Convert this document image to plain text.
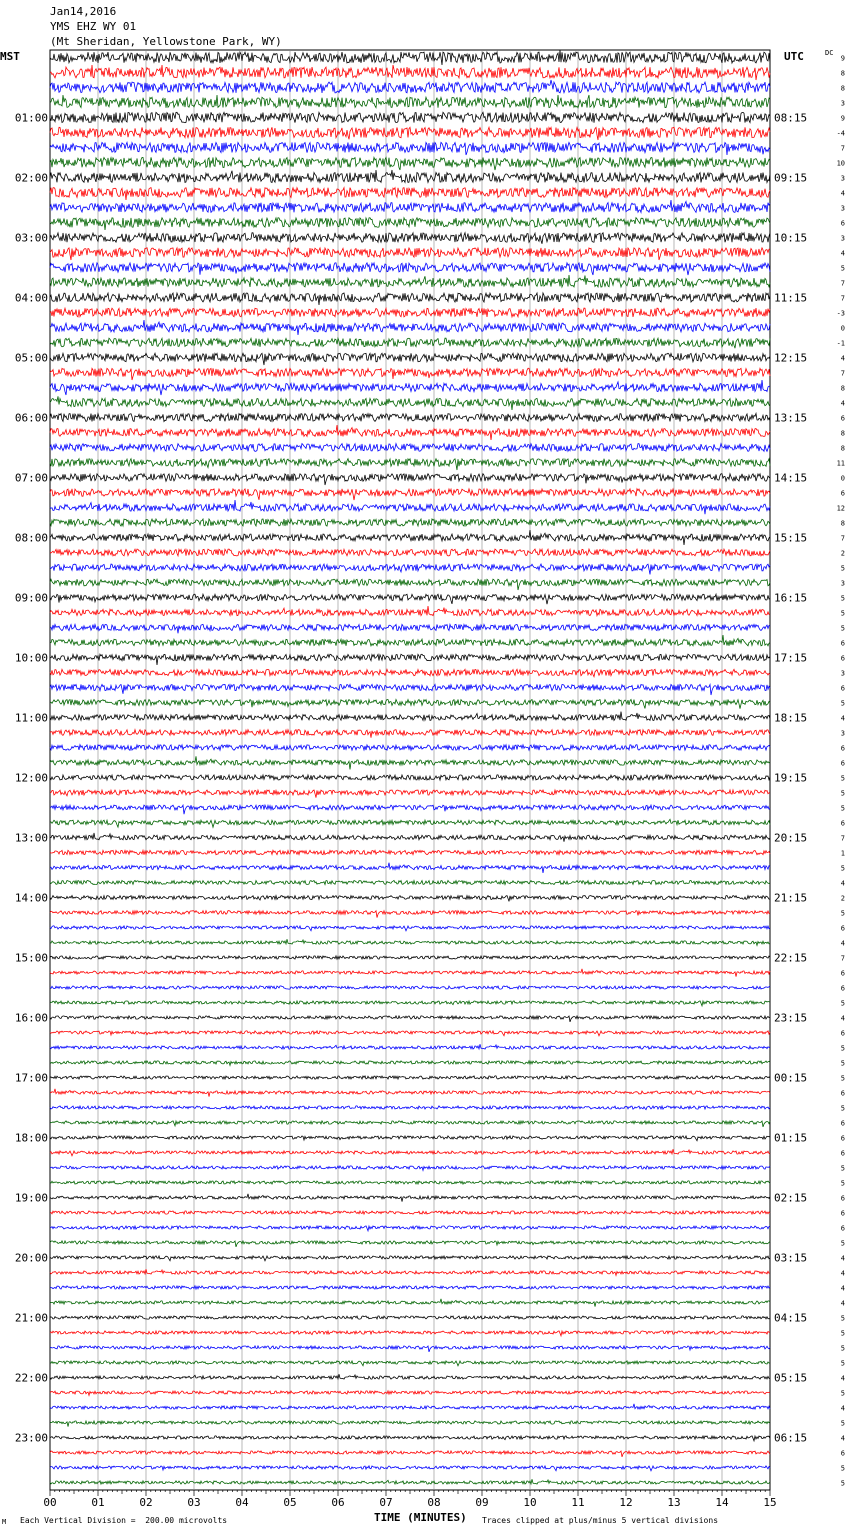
Jan14,2016
YMS EHZ WY 01
(Mt Sheridan, Yellowstone Park, WY)
MST	UTC	DC
01:00
02:00
03:00
04:00
05:00
06:00
07:00
08:00
09:00
10:00
11:00
12:00
13:00
14:00
15:00
16:00
17:00
18:00
19:00
20:00
21:00
22:00
23:00
08:15
09:15
10:15
11:15
12:15
13:15
14:15
15:15
16:15
17:15
18:15
19:15
20:15
21:15
22:15
23:15
00:15
01:15
02:15
03:15
04:15
05:15
06:15
9
8
8
3
9
-4
7
10
3
4
3
6
3
4
5
7
7
-3
0
-1
4
7
8
4
6
8
8
11
0
6
12
8
7
2
5
3
5
5
5
6
6
3
6
5
4
3
6
6
5
5
5
6
7
1
5
4
2
5
6
4
7
6
6
5
4
6
5
5
5
6
5
6
6
6
5
5
6
6
6
5
4
4
4
4
5
5
5
5
4
5
4
5
4
6
5
5
00	01	02	03	04	05	06	07	08	09	10	11	12	13	14	15
TIME (MINUTES)
M Each Vertical Division =  200.00 microvolts	Traces clipped at plus/minus 5 vertical divisions
